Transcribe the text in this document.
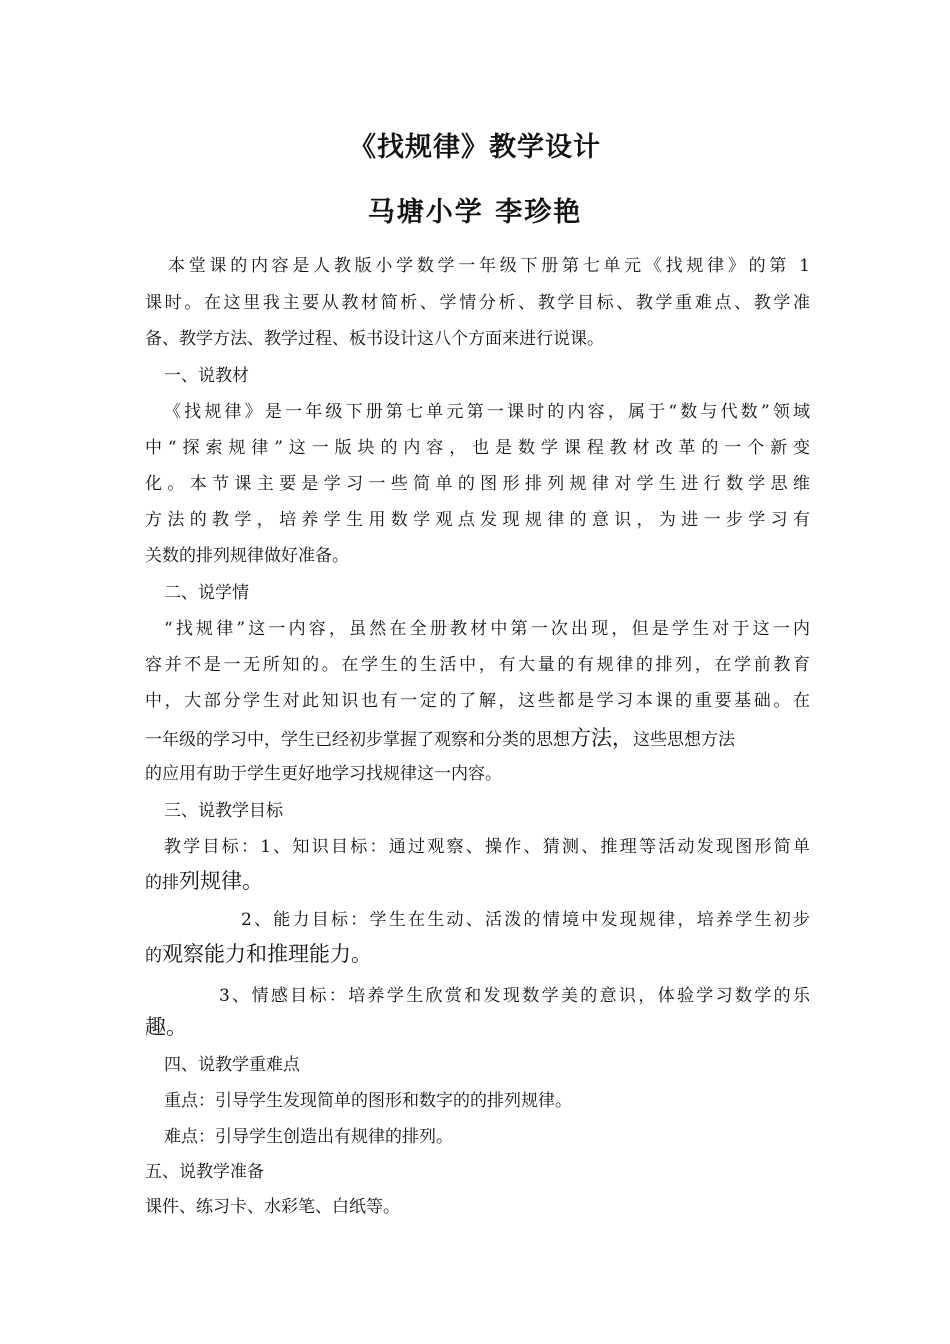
《找规律》教学设计
马塘小学 李珍艳
本堂课的内容是人教版小学数学一年级下册第七单元《找规律》的第 1
课时。在这里我主要从教材简析、学情分析、教学目标、教学重难点、教学准
备、教学方法、教学过程、板书设计这八个方面来进行说课。
一、说教材
《找规律》是一年级下册第七单元第一课时的内容，属于“数与代数”领域
中“探索规律”这一版块的内容，也是数学课程教材改革的一个新变
化。本节课主要是学习一些简单的图形排列规律对学生进行数学思维
方法的教学，培养学生用数学观点发现规律的意识，为进一步学习有
关数的排列规律做好准备。
二、说学情
“找规律”这一内容，虽然在全册教材中第一次出现，但是学生对于这一内
容并不是一无所知的。在学生的生活中，有大量的有规律的排列，在学前教育
中，大部分学生对此知识也有一定的了解，这些都是学习本课的重要基础。在
一年级的学习中，学生已经初步掌握了观察和分类的思想方法，这些思想方法
的应用有助于学生更好地学习找规律这一内容。
三、说教学目标
教学目标：1、知识目标：通过观察、操作、猜测、推理等活动发现图形简单
的排列规律。
2、能力目标：学生在生动、活泼的情境中发现规律，培养学生初步
的观察能力和推理能力。
3、情感目标：培养学生欣赏和发现数学美的意识，体验学习数学的乐
趣。
四、说教学重难点
重点：引导学生发现简单的图形和数字的的排列规律。
难点：引导学生创造出有规律的排列。
五、说教学准备
课件、练习卡、水彩笔、白纸等。
